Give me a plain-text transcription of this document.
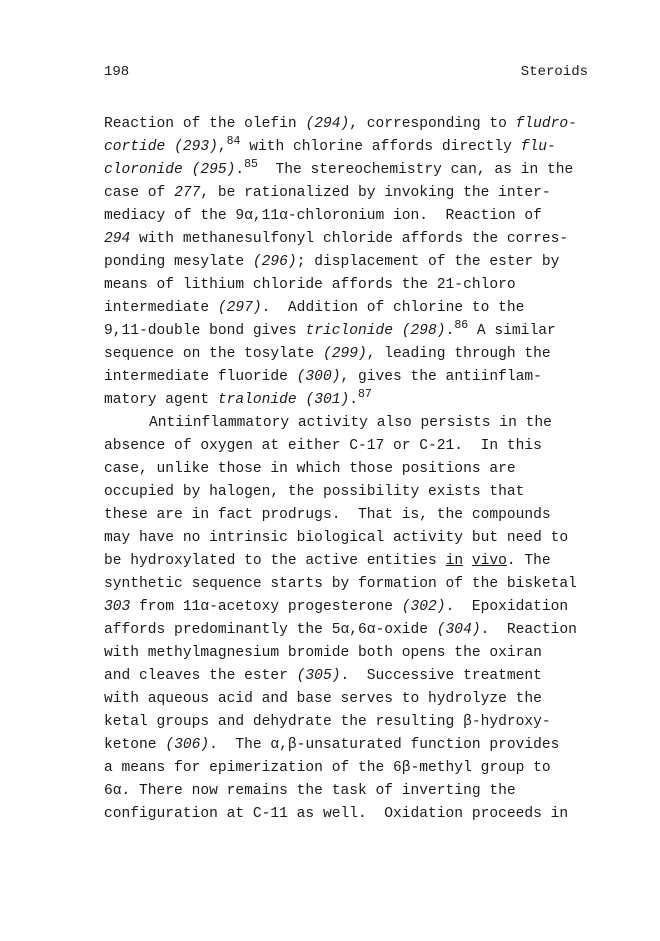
198	Steroids
Reaction of the olefin (294), corresponding to fludro-
cortide (293),$^{84}$ with chlorine affords directly flu-
cloronide (295).$^{85}$  The stereochemistry can, as in the
case of 277, be rationalized by invoking the inter-
mediacy of the 9α,11α-chloronium ion.  Reaction of
294 with methanesulfonyl chloride affords the corres-
ponding mesylate (296); displacement of the ester by
means of lithium chloride affords the 21-chloro
intermediate (297).  Addition of chlorine to the
9,11-double bond gives triclonide (298).$^{86}$ A similar
sequence on the tosylate (299), leading through the
intermediate fluoride (300), gives the antiinflam-
matory agent tralonide (301).$^{87}$
Antiinflammatory activity also persists in the
absence of oxygen at either C-17 or C-21.  In this
case, unlike those in which those positions are
occupied by halogen, the possibility exists that
these are in fact prodrugs.  That is, the compounds
may have no intrinsic biological activity but need to
be hydroxylated to the active entities in vivo. The
synthetic sequence starts by formation of the bisketal
303 from 11α-acetoxy progesterone (302).  Epoxidation
affords predominantly the 5α,6α-oxide (304).  Reaction
with methylmagnesium bromide both opens the oxiran
and cleaves the ester (305).  Successive treatment
with aqueous acid and base serves to hydrolyze the
ketal groups and dehydrate the resulting β-hydroxy-
ketone (306).  The α,β-unsaturated function provides
a means for epimerization of the 6β-methyl group to
6α. There now remains the task of inverting the
configuration at C-11 as well.  Oxidation proceeds in
